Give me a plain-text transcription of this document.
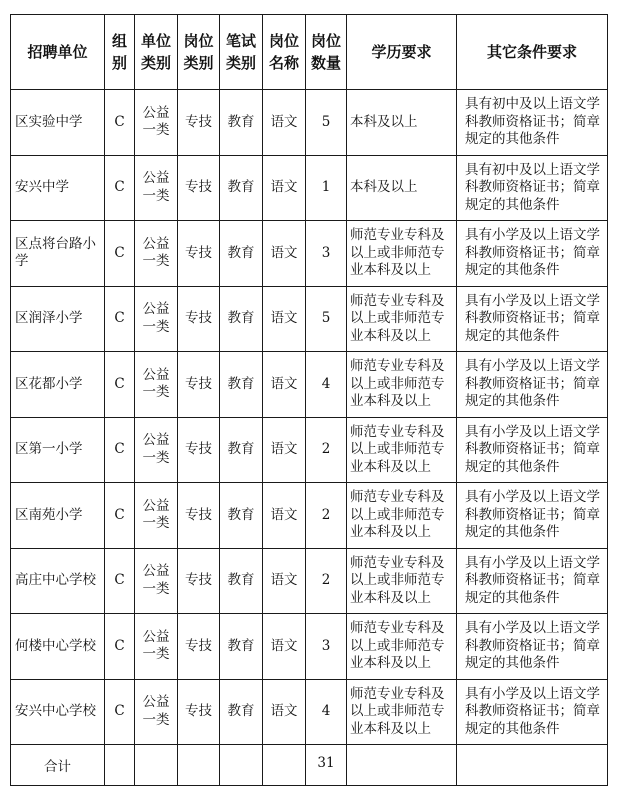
招聘单位	组别	单位类别	岗位类别	笔试类别	岗位名称	岗位数量	学历要求	其它条件要求
区实验中学	C	公益一类	专技	教育	语文	5	本科及以上	具有初中及以上语文学科教师资格证书；简章规定的其他条件
安兴中学	C	公益一类	专技	教育	语文	1	本科及以上	具有初中及以上语文学科教师资格证书；简章规定的其他条件
区点将台路小学	C	公益一类	专技	教育	语文	3	师范专业专科及以上或非师范专业本科及以上	具有小学及以上语文学科教师资格证书；简章规定的其他条件
区润泽小学	C	公益一类	专技	教育	语文	5	师范专业专科及以上或非师范专业本科及以上	具有小学及以上语文学科教师资格证书；简章规定的其他条件
区花都小学	C	公益一类	专技	教育	语文	4	师范专业专科及以上或非师范专业本科及以上	具有小学及以上语文学科教师资格证书；简章规定的其他条件
区第一小学	C	公益一类	专技	教育	语文	2	师范专业专科及以上或非师范专业本科及以上	具有小学及以上语文学科教师资格证书；简章规定的其他条件
区南苑小学	C	公益一类	专技	教育	语文	2	师范专业专科及以上或非师范专业本科及以上	具有小学及以上语文学科教师资格证书；简章规定的其他条件
高庄中心学校	C	公益一类	专技	教育	语文	2	师范专业专科及以上或非师范专业本科及以上	具有小学及以上语文学科教师资格证书；简章规定的其他条件
何楼中心学校	C	公益一类	专技	教育	语文	3	师范专业专科及以上或非师范专业本科及以上	具有小学及以上语文学科教师资格证书；简章规定的其他条件
安兴中心学校	C	公益一类	专技	教育	语文	4	师范专业专科及以上或非师范专业本科及以上	具有小学及以上语文学科教师资格证书；简章规定的其他条件

合计						31		
